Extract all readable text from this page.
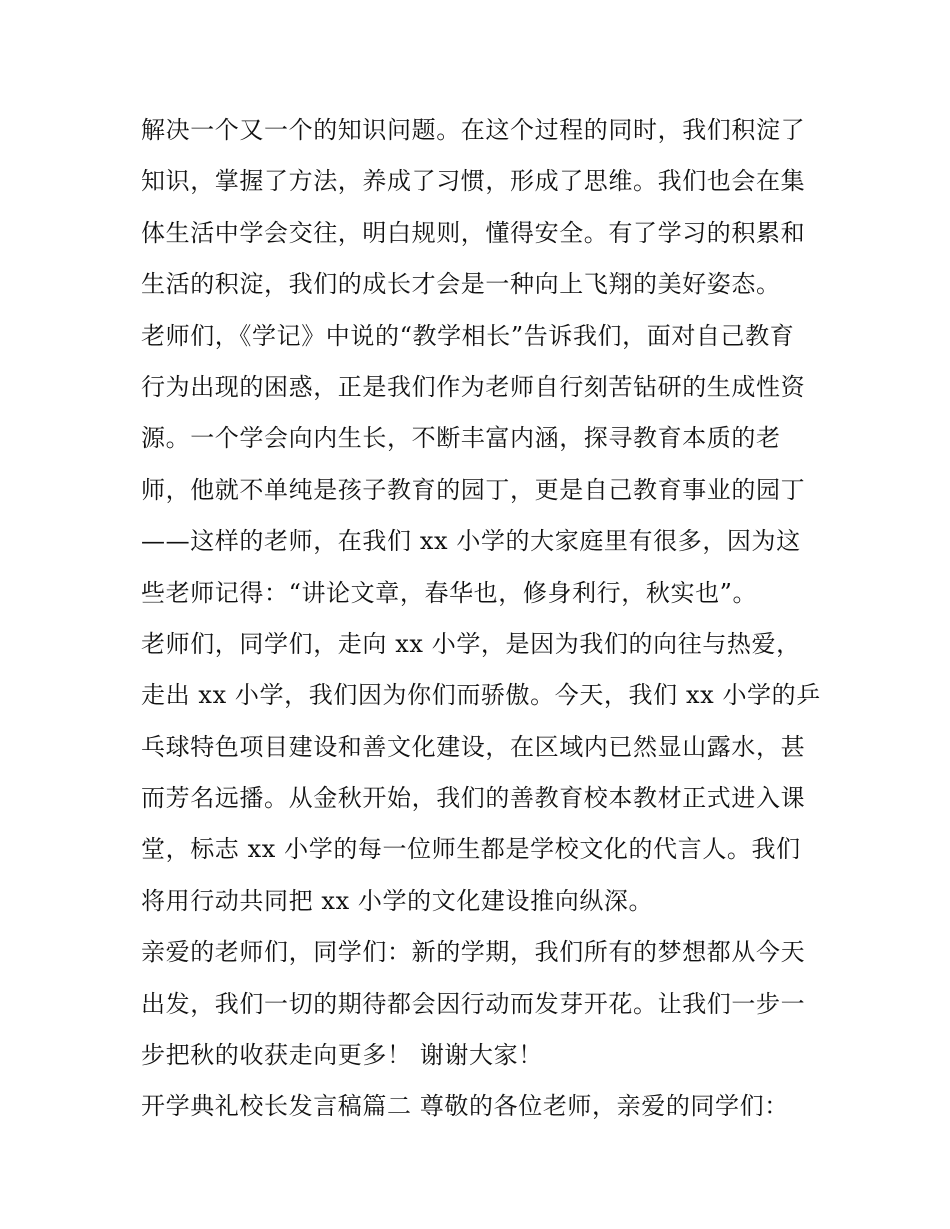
解决一个又一个的知识问题。在这个过程的同时，我们积淀了
知识，掌握了方法，养成了习惯，形成了思维。我们也会在集
体生活中学会交往，明白规则，懂得安全。有了学习的积累和
生活的积淀，我们的成长才会是一种向上飞翔的美好姿态。
老师们，《学记》中说的“教学相长”告诉我们，面对自己教育
行为出现的困惑，正是我们作为老师自行刻苦钻研的生成性资
源。一个学会向内生长，不断丰富内涵，探寻教育本质的老
师，他就不单纯是孩子教育的园丁，更是自己教育事业的园丁
——这样的老师，在我们 xx 小学的大家庭里有很多，因为这
些老师记得：“讲论文章，春华也，修身利行，秋实也”。
老师们，同学们，走向 xx 小学，是因为我们的向往与热爱，
走出 xx 小学，我们因为你们而骄傲。今天，我们 xx 小学的乒
乓球特色项目建设和善文化建设，在区域内已然显山露水，甚
而芳名远播。从金秋开始，我们的善教育校本教材正式进入课
堂，标志 xx 小学的每一位师生都是学校文化的代言人。我们
将用行动共同把 xx 小学的文化建设推向纵深。
亲爱的老师们，同学们：新的学期，我们所有的梦想都从今天
出发，我们一切的期待都会因行动而发芽开花。让我们一步一
步把秋的收获走向更多！ 谢谢大家！
开学典礼校长发言稿篇二 尊敬的各位老师，亲爱的同学们：
